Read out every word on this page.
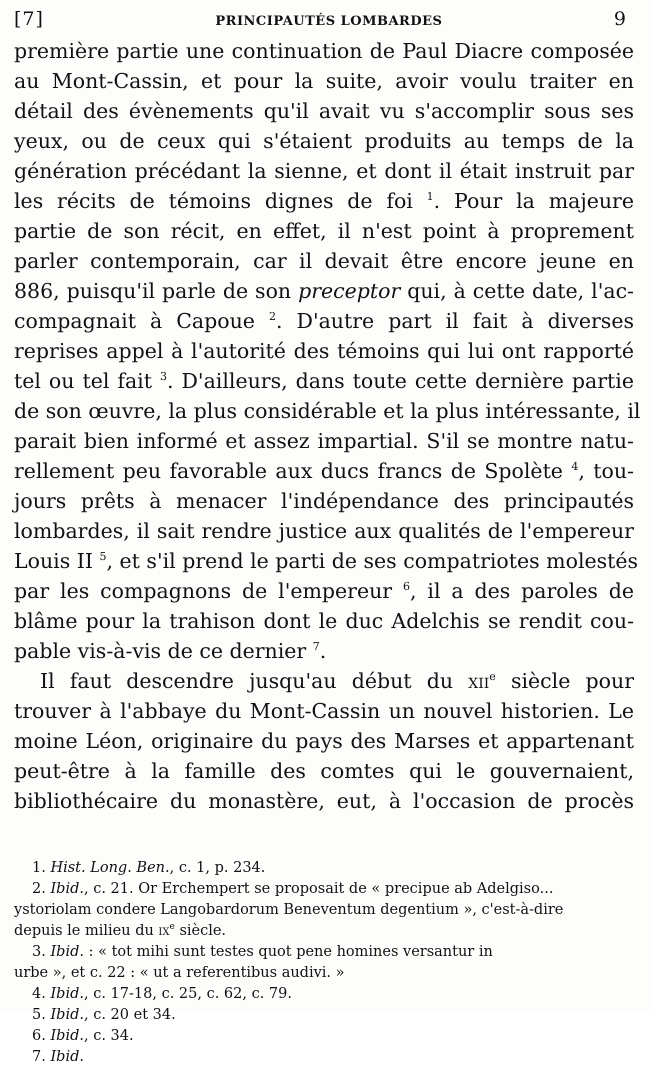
[7]	PRINCIPAUTÉS LOMBARDES	9

première partie une continuation de Paul Diacre composée
au Mont-Cassin, et pour la suite, avoir voulu traiter en
détail des évènements qu'il avait vu s'accomplir sous ses
yeux, ou de ceux qui s'étaient produits au temps de la
génération précédant la sienne, et dont il était instruit par
les récits de témoins dignes de foi $^1$. Pour la majeure
partie de son récit, en effet, il n'est point à proprement
parler contemporain, car il devait être encore jeune en
886, puisqu'il parle de son preceptor qui, à cette date, l'ac-
compagnait à Capoue $^2$. D'autre part il fait à diverses
reprises appel à l'autorité des témoins qui lui ont rapporté
tel ou tel fait $^3$. D'ailleurs, dans toute cette dernière partie
de son œuvre, la plus considérable et la plus intéressante, il
parait bien informé et assez impartial. S'il se montre natu-
rellement peu favorable aux ducs francs de Spolète $^4$, tou-
jours prêts à menacer l'indépendance des principautés
lombardes, il sait rendre justice aux qualités de l'empereur
Louis II $^5$, et s'il prend le parti de ses compatriotes molestés
par les compagnons de l'empereur $^6$, il a des paroles de
blâme pour la trahison dont le duc Adelchis se rendit cou-
pable vis-à-vis de ce dernier $^7$.

Il faut descendre jusqu'au début du xii$^e$ siècle pour
trouver à l'abbaye du Mont-Cassin un nouvel historien. Le
moine Léon, originaire du pays des Marses et appartenant
peut-être à la famille des comtes qui le gouvernaient,
bibliothécaire du monastère, eut, à l'occasion de procès

1. Hist. Long. Ben., c. 1, p. 234.
2. Ibid., c. 21. Or Erchempert se proposait de « precipue ab Adelgiso...
ystoriolam condere Langobardorum Beneventum degentium », c'est-à-dire
depuis le milieu du $ix^e$ siècle.
3. Ibid. : « tot mihi sunt testes quot pene homines versantur in
urbe », et c. 22 : « ut a referentibus audivi. »
4. Ibid., c. 17-18, c. 25, c. 62, c. 79.
5. Ibid., c. 20 et 34.
6. Ibid., c. 34.
7. Ibid.
